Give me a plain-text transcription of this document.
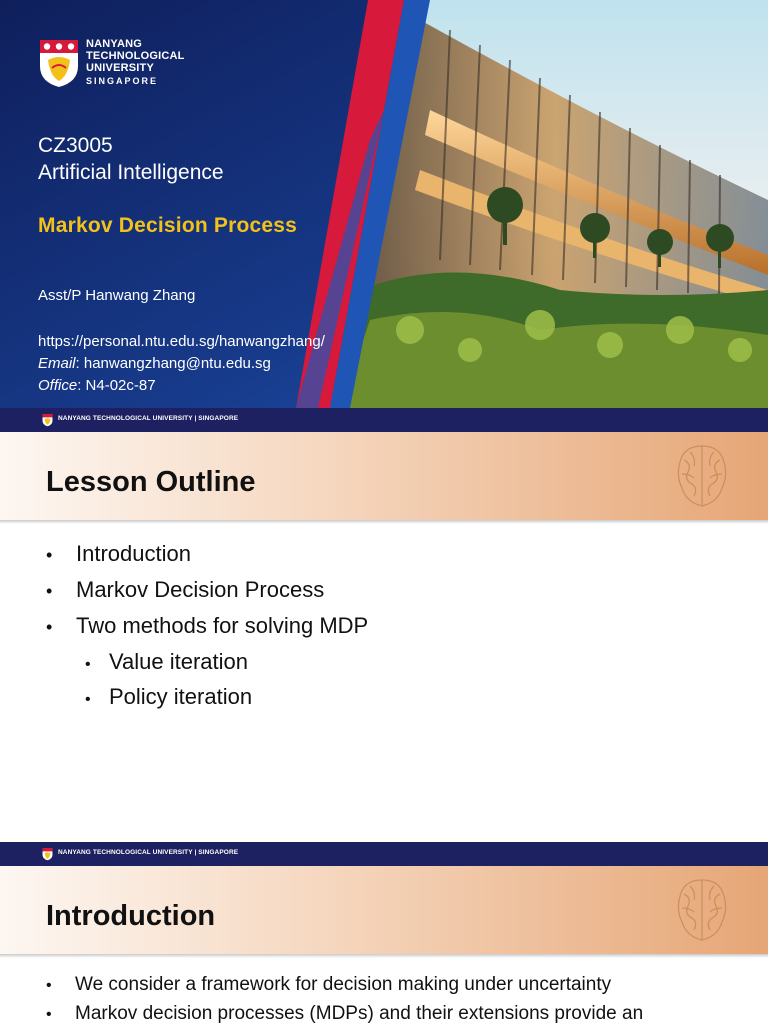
NANYANG
TECHNOLOGICAL
UNIVERSITY
SINGAPORE
CZ3005
Artificial Intelligence
Markov Decision Process
Asst/P Hanwang Zhang
https://personal.ntu.edu.sg/hanwangzhang/
Email: hanwangzhang@ntu.edu.sg
Office: N4-02c-87
NANYANG TECHNOLOGICAL UNIVERSITY | SINGAPORE
Lesson Outline
•	Introduction
•	Markov Decision Process
•	Two methods for solving MDP
• Value iteration
• Policy iteration
NANYANG TECHNOLOGICAL UNIVERSITY | SINGAPORE
Introduction
•	We consider a framework for decision making under uncertainty
•	Markov decision processes (MDPs) and their extensions provide an
